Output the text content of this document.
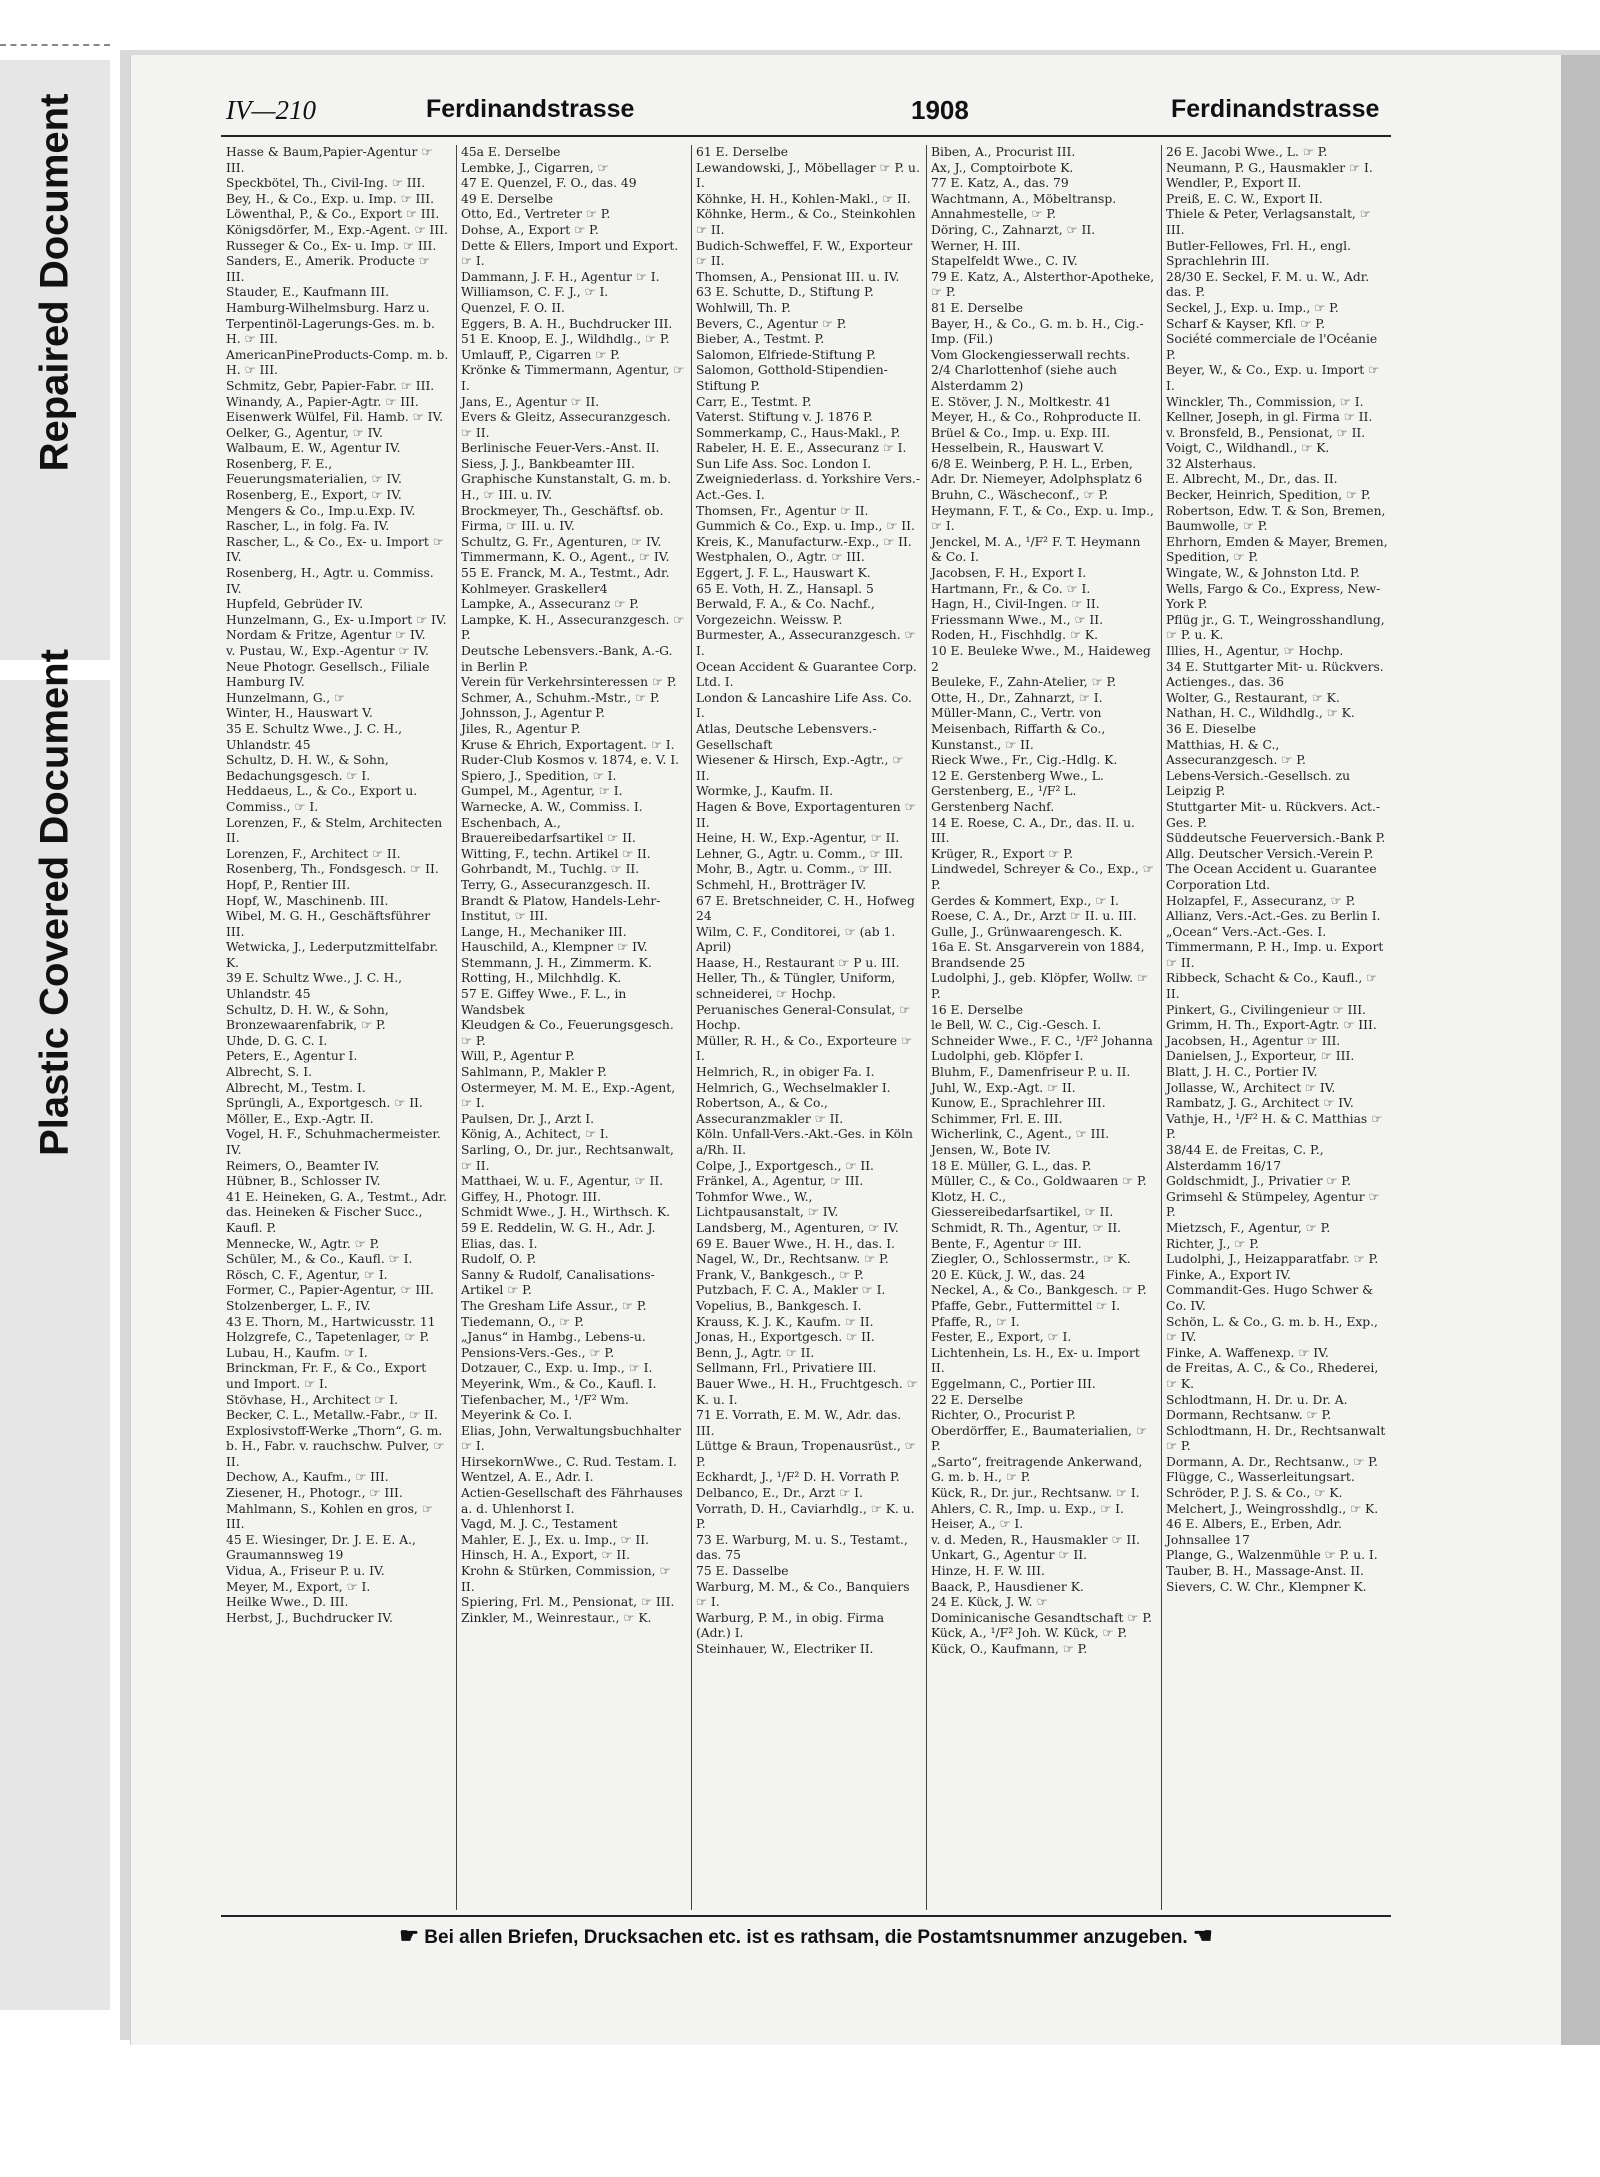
Repaired Document
Plastic Covered Document
IV—210	Ferdinandstrasse	1908	Ferdinandstrasse

Hasse & Baum,Papier-Agentur ☞ III.

Speckbötel, Th., Civil-Ing. ☞ III.

Bey, H., & Co., Exp. u. Imp. ☞ III.

Löwenthal, P., & Co., Export ☞ III.

Königsdörfer, M., Exp.-Agent. ☞ III.

Russeger & Co., Ex- u. Imp. ☞ III.

Sanders, E., Amerik. Producte ☞ III.

Stauder, E., Kaufmann III.

Hamburg-Wilhelmsburg. Harz u. Terpentinöl-Lagerungs-Ges. m. b. H. ☞ III.

AmericanPineProducts-Comp. m. b. H. ☞ III.

Schmitz, Gebr, Papier-Fabr. ☞ III.

Winandy, A., Papier-Agtr. ☞ III.

Eisenwerk Wülfel, Fil. Hamb. ☞ IV.

Oelker, G., Agentur, ☞ IV.

Walbaum, E. W., Agentur IV.

Rosenberg, F. E., Feuerungsmaterialien, ☞ IV.

Rosenberg, E., Export, ☞ IV.

Mengers & Co., Imp.u.Exp. IV.

Rascher, L., in folg. Fa. IV.

Rascher, L., & Co., Ex- u. Import ☞ IV.

Rosenberg, H., Agtr. u. Commiss. IV.

Hupfeld, Gebrüder IV.

Hunzelmann, G., Ex- u.Import ☞ IV.

Nordam & Fritze, Agentur ☞ IV.

v. Pustau, W., Exp.-Agentur ☞ IV.

Neue Photogr. Gesellsch., Filiale Hamburg IV.

Hunzelmann, G., ☞

Winter, H., Hauswart V.

35 E. Schultz Wwe., J. C. H., Uhlandstr. 45

Schultz, D. H. W., & Sohn, Bedachungsgesch. ☞ I.

Heddaeus, L., & Co., Export u. Commiss., ☞ I.

Lorenzen, F., & Stelm, Architecten II.

Lorenzen, F., Architect ☞ II.

Rosenberg, Th., Fondsgesch. ☞ II.

Hopf, P., Rentier III.

Hopf, W., Maschinenb. III.

Wibel, M. G. H., Geschäftsführer III.

Wetwicka, J., Lederputzmittelfabr. K.

39 E. Schultz Wwe., J. C. H., Uhlandstr. 45

Schultz, D. H. W., & Sohn, Bronzewaarenfabrik, ☞ P.

Uhde, D. G. C. I.

Peters, E., Agentur I.

Albrecht, S. I.

Albrecht, M., Testm. I.

Sprüngli, A., Exportgesch. ☞ II.

Möller, E., Exp.-Agtr. II.

Vogel, H. F., Schuhmachermeister. IV.

Reimers, O., Beamter IV.

Hübner, B., Schlosser IV.

41 E. Heineken, G. A., Testmt., Adr. das. Heineken & Fischer Succ., Kaufl. P.

Mennecke, W., Agtr. ☞ P.

Schüler, M., & Co., Kaufl. ☞ I.

Rösch, C. F., Agentur, ☞ I.

Former, C., Papier-Agentur, ☞ III.

Stolzenberger, L. F., IV.

43 E. Thorn, M., Hartwicusstr. 11

Holzgrefe, C., Tapetenlager, ☞ P.

Lubau, H., Kaufm. ☞ I.

Brinckman, Fr. F., & Co., Export und Import. ☞ I.

Stövhase, H., Architect ☞ I.

Becker, C. L., Metallw.-Fabr., ☞ II.

Explosivstoff-Werke „Thorn“, G. m. b. H., Fabr. v. rauchschw. Pulver, ☞ II.

Dechow, A., Kaufm., ☞ III.

Ziesener, H., Photogr., ☞ III.

Mahlmann, S., Kohlen en gros, ☞ III.

45 E. Wiesinger, Dr. J. E. E. A., Graumannsweg 19

Vidua, A., Friseur P. u. IV.

Meyer, M., Export, ☞ I.

Heilke Wwe., D. III.

Herbst, J., Buchdrucker IV.

45a E. Derselbe

Lembke, J., Cigarren, ☞

47 E. Quenzel, F. O., das. 49

49 E. Derselbe

Otto, Ed., Vertreter ☞ P.

Dohse, A., Export ☞ P.

Dette & Ellers, Import und Export. ☞ I.

Dammann, J. F. H., Agentur ☞ I.

Williamson, C. F. J., ☞ I.

Quenzel, F. O. II.

Eggers, B. A. H., Buchdrucker III.

51 E. Knoop, E. J., Wildhdlg., ☞ P.

Umlauff, P., Cigarren ☞ P.

Krönke & Timmermann, Agentur, ☞ I.

Jans, E., Agentur ☞ II.

Evers & Gleitz, Assecuranzgesch. ☞ II.

Berlinische Feuer-Vers.-Anst. II.

Siess, J. J., Bankbeamter III.

Graphische Kunstanstalt, G. m. b. H., ☞ III. u. IV.

Brockmeyer, Th., Geschäftsf. ob. Firma, ☞ III. u. IV.

Schultz, G. Fr., Agenturen, ☞ IV.

Timmermann, K. O., Agent., ☞ IV.

55 E. Franck, M. A., Testmt., Adr. Kohlmeyer. Graskeller4

Lampke, A., Assecuranz ☞ P.

Lampke, K. H., Assecuranzgesch. ☞ P.

Deutsche Lebensvers.-Bank, A.-G. in Berlin P.

Verein für Verkehrsinteressen ☞ P.

Schmer, A., Schuhm.-Mstr., ☞ P.

Johnsson, J., Agentur P.

Jiles, R., Agentur P.

Kruse & Ehrich, Exportagent. ☞ I.

Ruder-Club Kosmos v. 1874, e. V. I.

Spiero, J., Spedition, ☞ I.

Gumpel, M., Agentur, ☞ I.

Warnecke, A. W., Commiss. I.

Eschenbach, A., Brauereibedarfsartikel ☞ II.

Witting, F., techn. Artikel ☞ II.

Gohrbandt, M., Tuchlg. ☞ II.

Terry, G., Assecuranzgesch. II.

Brandt & Platow, Handels-Lehr-Institut, ☞ III.

Lange, H., Mechaniker III.

Hauschild, A., Klempner ☞ IV.

Stemmann, J. H., Zimmerm. K.

Rotting, H., Milchhdlg. K.

57 E. Giffey Wwe., F. L., in Wandsbek

Kleudgen & Co., Feuerungsgesch. ☞ P.

Will, P., Agentur P.

Sahlmann, P., Makler P.

Ostermeyer, M. M. E., Exp.-Agent, ☞ I.

Paulsen, Dr. J., Arzt I.

König, A., Achitect, ☞ I.

Sarling, O., Dr. jur., Rechtsanwalt, ☞ II.

Matthaei, W. u. F., Agentur, ☞ II.

Giffey, H., Photogr. III.

Schmidt Wwe., J. H., Wirthsch. K.

59 E. Reddelin, W. G. H., Adr. J. Elias, das. I.

Rudolf, O. P.

Sanny & Rudolf, Canalisations-Artikel ☞ P.

The Gresham Life Assur., ☞ P.

Tiedemann, O., ☞ P.

„Janus“ in Hambg., Lebens-u. Pensions-Vers.-Ges., ☞ P.

Dotzauer, C., Exp. u. Imp., ☞ I.

Meyerink, Wm., & Co., Kaufl. I.

Tiefenbacher, M., ¹/F² Wm. Meyerink & Co. I.

Elias, John, Verwaltungsbuchhalter ☞ I.

HirsekornWwe., C. Rud. Testam. I.

Wentzel, A. E., Adr. I.

Actien-Gesellschaft des Fährhauses a. d. Uhlenhorst I.

Vagd, M. J. C., Testament

Mahler, E. J., Ex. u. Imp., ☞ II.

Hinsch, H. A., Export, ☞ II.

Krohn & Stürken, Commission, ☞ II.

Spiering, Frl. M., Pensionat, ☞ III.

Zinkler, M., Weinrestaur., ☞ K.

61 E. Derselbe

Lewandowski, J., Möbellager ☞ P. u. I.

Köhnke, H. H., Kohlen-Makl., ☞ II.

Köhnke, Herm., & Co., Steinkohlen ☞ II.

Budich-Schweffel, F. W., Exporteur ☞ II.

Thomsen, A., Pensionat III. u. IV.

63 E. Schutte, D., Stiftung P.

Wohlwill, Th. P.

Bevers, C., Agentur ☞ P.

Bieber, A., Testmt. P.

Salomon, Elfriede-Stiftung P.

Salomon, Gotthold-Stipendien-Stiftung P.

Carr, E., Testmt. P.

Vaterst. Stiftung v. J. 1876 P.

Sommerkamp, C., Haus-Makl., P.

Rabeler, H. E. E., Assecuranz ☞ I.

Sun Life Ass. Soc. London I.

Zweigniederlass. d. Yorkshire Vers.-Act.-Ges. I.

Thomsen, Fr., Agentur ☞ II.

Gummich & Co., Exp. u. Imp., ☞ II.

Kreis, K., Manufacturw.-Exp., ☞ II.

Westphalen, O., Agtr. ☞ III.

Eggert, J. F. L., Hauswart K.

65 E. Voth, H. Z., Hansapl. 5

Berwald, F. A., & Co. Nachf., Vorgezeichn. Weissw. P.

Burmester, A., Assecuranzgesch. ☞ I.

Ocean Accident & Guarantee Corp. Ltd. I.

London & Lancashire Life Ass. Co. I.

Atlas, Deutsche Lebensvers.-Gesellschaft

Wiesener & Hirsch, Exp.-Agtr., ☞ II.

Wormke, J., Kaufm. II.

Hagen & Bove, Exportagenturen ☞ II.

Heine, H. W., Exp.-Agentur, ☞ II.

Lehner, G., Agtr. u. Comm., ☞ III.

Mohr, B., Agtr. u. Comm., ☞ III.

Schmehl, H., Brotträger IV.

67 E. Bretschneider, C. H., Hofweg 24

Wilm, C. F., Conditorei, ☞ (ab 1. April)

Haase, H., Restaurant ☞ P u. III.

Heller, Th., & Tüngler, Uniform, schneiderei, ☞ Hochp.

Peruanisches General-Consulat, ☞ Hochp.

Müller, R. H., & Co., Exporteure ☞ I.

Helmrich, R., in obiger Fa. I.

Helmrich, G., Wechselmakler I.

Robertson, A., & Co., Assecuranzmakler ☞ II.

Köln. Unfall-Vers.-Akt.-Ges. in Köln a/Rh. II.

Colpe, J., Exportgesch., ☞ II.

Fränkel, A., Agentur, ☞ III.

Tohmfor Wwe., W., Lichtpausanstalt, ☞ IV.

Landsberg, M., Agenturen, ☞ IV.

69 E. Bauer Wwe., H. H., das. I.

Nagel, W., Dr., Rechtsanw. ☞ P.

Frank, V., Bankgesch., ☞ P.

Putzbach, F. C. A., Makler ☞ I.

Vopelius, B., Bankgesch. I.

Krauss, K. J. K., Kaufm. ☞ II.

Jonas, H., Exportgesch. ☞ II.

Benn, J., Agtr. ☞ II.

Sellmann, Frl., Privatiere III.

Bauer Wwe., H. H., Fruchtgesch. ☞ K. u. I.

71 E. Vorrath, E. M. W., Adr. das. III.

Lüttge & Braun, Tropenausrüst., ☞ P.

Eckhardt, J., ¹/F² D. H. Vorrath P.

Delbanco, E., Dr., Arzt ☞ I.

Vorrath, D. H., Caviarhdlg., ☞ K. u. P.

73 E. Warburg, M. u. S., Testamt., das. 75

75 E. Dasselbe

Warburg, M. M., & Co., Banquiers ☞ I.

Warburg, P. M., in obig. Firma (Adr.) I.

Steinhauer, W., Electriker II.

Biben, A., Procurist III.

Ax, J., Comptoirbote K.

77 E. Katz, A., das. 79

Wachtmann, A., Möbeltransp. Annahmestelle, ☞ P.

Döring, C., Zahnarzt, ☞ II.

Werner, H. III.

Stapelfeldt Wwe., C. IV.

79 E. Katz, A., Alsterthor-Apotheke, ☞ P.

81 E. Derselbe

Bayer, H., & Co., G. m. b. H., Cig.-Imp. (Fil.)

Vom Glockengiesserwall rechts.

2/4 Charlottenhof (siehe auch Alsterdamm 2)

E. Stöver, J. N., Moltkestr. 41

Meyer, H., & Co., Rohproducte II.

Brüel & Co., Imp. u. Exp. III.

Hesselbein, R., Hauswart V.

6/8 E. Weinberg, P. H. L., Erben, Adr. Dr. Niemeyer, Adolphsplatz 6

Bruhn, C., Wäscheconf., ☞ P.

Heymann, F. T., & Co., Exp. u. Imp., ☞ I.

Jenckel, M. A., ¹/F² F. T. Heymann & Co. I.

Jacobsen, F. H., Export I.

Hartmann, Fr., & Co. ☞ I.

Hagn, H., Civil-Ingen. ☞ II.

Friessmann Wwe., M., ☞ II.

Roden, H., Fischhdlg. ☞ K.

10 E. Beuleke Wwe., M., Haideweg 2

Beuleke, F., Zahn-Atelier, ☞ P.

Otte, H., Dr., Zahnarzt, ☞ I.

Müller-Mann, C., Vertr. von Meisenbach, Riffarth & Co., Kunstanst., ☞ II.

Rieck Wwe., Fr., Cig.-Hdlg. K.

12 E. Gerstenberg Wwe., L.

Gerstenberg, E., ¹/F² L. Gerstenberg Nachf.

14 E. Roese, C. A., Dr., das. II. u. III.

Krüger, R., Export ☞ P.

Lindwedel, Schreyer & Co., Exp., ☞ P.

Gerdes & Kommert, Exp., ☞ I.

Roese, C. A., Dr., Arzt ☞ II. u. III.

Gulle, J., Grünwaarengesch. K.

16a E. St. Ansgarverein von 1884, Brandsende 25

Ludolphi, J., geb. Klöpfer, Wollw. ☞ P.

16 E. Derselbe

le Bell, W. C., Cig.-Gesch. I.

Schneider Wwe., F. C., ¹/F² Johanna Ludolphi, geb. Klöpfer I.

Bluhm, F., Damenfriseur P. u. II.

Juhl, W., Exp.-Agt. ☞ II.

Kunow, E., Sprachlehrer III.

Schimmer, Frl. E. III.

Wicherlink, C., Agent., ☞ III.

Jensen, W., Bote IV.

18 E. Müller, G. L., das. P.

Müller, C., & Co., Goldwaaren ☞ P.

Klotz, H. C., Giessereibedarfsartikel, ☞ II.

Schmidt, R. Th., Agentur, ☞ II.

Bente, F., Agentur ☞ III.

Ziegler, O., Schlossermstr., ☞ K.

20 E. Kück, J. W., das. 24

Neckel, A., & Co., Bankgesch. ☞ P.

Pfaffe, Gebr., Futtermittel ☞ I.

Pfaffe, R., ☞ I.

Fester, E., Export, ☞ I.

Lichtenhein, Ls. H., Ex- u. Import II.

Eggelmann, C., Portier III.

22 E. Derselbe

Richter, O., Procurist P.

Oberdörffer, E., Baumaterialien, ☞ P.

„Sarto“, freitragende Ankerwand, G. m. b. H., ☞ P.

Kück, R., Dr. jur., Rechtsanw. ☞ I.

Ahlers, C. R., Imp. u. Exp., ☞ I.

Heiser, A., ☞ I.

v. d. Meden, R., Hausmakler ☞ II.

Unkart, G., Agentur ☞ II.

Hinze, H. F. W. III.

Baack, P., Hausdiener K.

24 E. Kück, J. W. ☞

Dominicanische Gesandtschaft ☞ P.

Kück, A., ¹/F² Joh. W. Kück, ☞ P.

Kück, O., Kaufmann, ☞ P.

26 E. Jacobi Wwe., L. ☞ P.

Neumann, P. G., Hausmakler ☞ I.

Wendler, P., Export II.

Preiß, E. C. W., Export II.

Thiele & Peter, Verlagsanstalt, ☞ III.

Butler-Fellowes, Frl. H., engl. Sprachlehrin III.

28/30 E. Seckel, F. M. u. W., Adr. das. P.

Seckel, J., Exp. u. Imp., ☞ P.

Scharf & Kayser, Kfl. ☞ P.

Société commerciale de l'Océanie P.

Beyer, W., & Co., Exp. u. Import ☞ I.

Winckler, Th., Commission, ☞ I.

Kellner, Joseph, in gl. Firma ☞ II.

v. Bronsfeld, B., Pensionat, ☞ II.

Voigt, C., Wildhandl., ☞ K.

32 Alsterhaus.

E. Albrecht, M., Dr., das. II.

Becker, Heinrich, Spedition, ☞ P.

Robertson, Edw. T. & Son, Bremen, Baumwolle, ☞ P.

Ehrhorn, Emden & Mayer, Bremen, Spedition, ☞ P.

Wingate, W., & Johnston Ltd. P.

Wells, Fargo & Co., Express, New-York P.

Pflüg jr., G. T., Weingrosshandlung, ☞ P. u. K.

Illies, H., Agentur, ☞ Hochp.

34 E. Stuttgarter Mit- u. Rückvers. Actienges., das. 36

Wolter, G., Restaurant, ☞ K.

Nathan, H. C., Wildhdlg., ☞ K.

36 E. Dieselbe

Matthias, H. & C., Assecuranzgesch. ☞ P.

Lebens-Versich.-Gesellsch. zu Leipzig P.

Stuttgarter Mit- u. Rückvers. Act.-Ges. P.

Süddeutsche Feuerversich.-Bank P.

Allg. Deutscher Versich.-Verein P.

The Ocean Accident u. Guarantee Corporation Ltd.

Holzapfel, F., Assecuranz, ☞ P.

Allianz, Vers.-Act.-Ges. zu Berlin I.

„Ocean“ Vers.-Act.-Ges. I.

Timmermann, P. H., Imp. u. Export ☞ II.

Ribbeck, Schacht & Co., Kaufl., ☞ II.

Pinkert, G., Civilingenieur ☞ III.

Grimm, H. Th., Export-Agtr. ☞ III.

Jacobsen, H., Agentur ☞ III.

Danielsen, J., Exporteur, ☞ III.

Blatt, J. H. C., Portier IV.

Jollasse, W., Architect ☞ IV.

Rambatz, J. G., Architect ☞ IV.

Vathje, H., ¹/F² H. & C. Matthias ☞ P.

38/44 E. de Freitas, C. P., Alsterdamm 16/17

Goldschmidt, J., Privatier ☞ P.

Grimsehl & Stümpeley, Agentur ☞ P.

Mietzsch, F., Agentur, ☞ P.

Richter, J., ☞ P.

Ludolphi, J., Heizapparatfabr. ☞ P.

Finke, A., Export IV.

Commandit-Ges. Hugo Schwer & Co. IV.

Schön, L. & Co., G. m. b. H., Exp., ☞ IV.

Finke, A. Waffenexp. ☞ IV.

de Freitas, A. C., & Co., Rhederei, ☞ K.

Schlodtmann, H. Dr. u. Dr. A. Dormann, Rechtsanw. ☞ P.

Schlodtmann, H. Dr., Rechtsanwalt ☞ P.

Dormann, A. Dr., Rechtsanw., ☞ P.

Flügge, C., Wasserleitungsart.

Schröder, P. J. S. & Co., ☞ K.

Melchert, J., Weingrosshdlg., ☞ K.

46 E. Albers, E., Erben, Adr. Johnsallee 17

Plange, G., Walzenmühle ☞ P. u. I.

Tauber, B. H., Massage-Anst. II.

Sievers, C. W. Chr., Klempner K.

☛ Bei allen Briefen, Drucksachen etc. ist es rathsam, die Postamtsnummer anzugeben. ☚
